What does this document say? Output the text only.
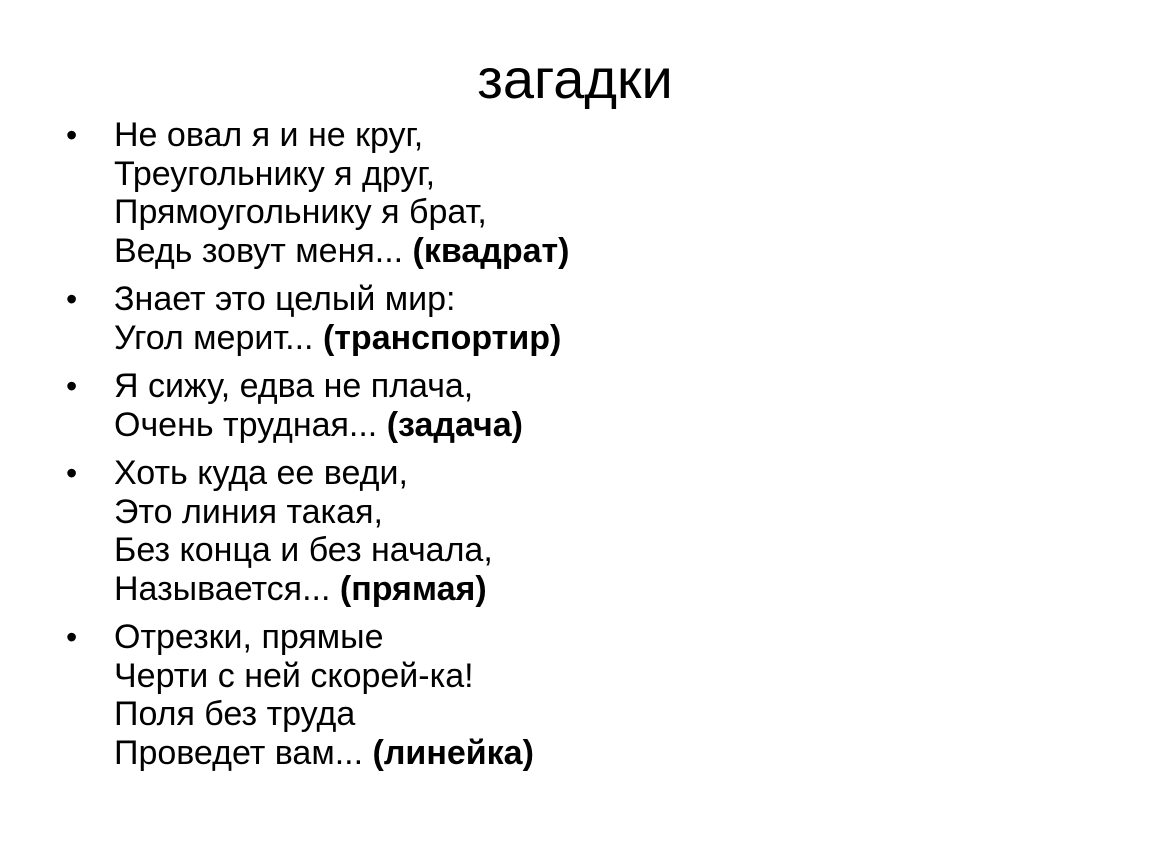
загадки
• Не овал я и не круг,
Треугольнику я друг,
Прямоугольнику я брат,
Ведь зовут меня... (квадрат)
• Знает это целый мир:
Угол мерит... (транспортир)
• Я сижу, едва не плача,
Очень трудная... (задача)
• Хоть куда ее веди,
Это линия такая,
Без конца и без начала,
Называется... (прямая)
• Отрезки, прямые
Черти с ней скорей-ка!
Поля без труда
Проведет вам... (линейка)
